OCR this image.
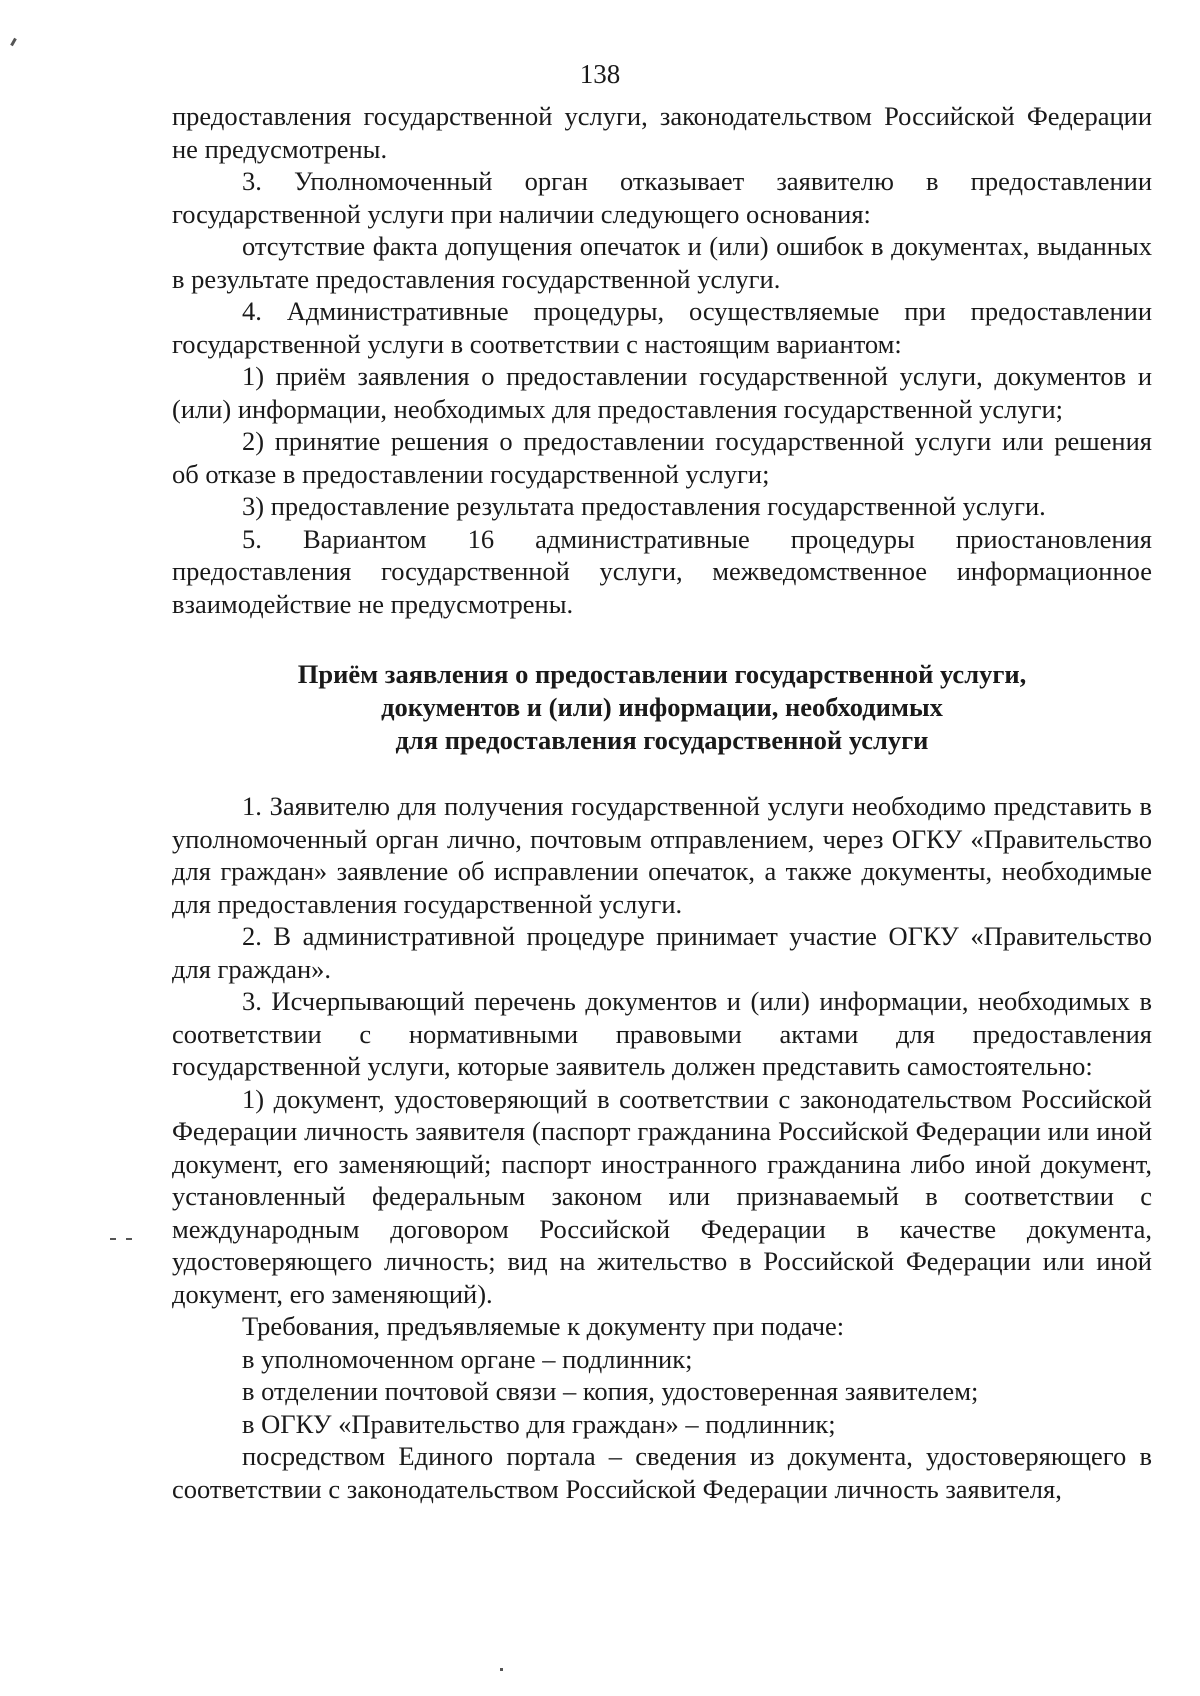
138

предоставления государственной услуги, законодательством Российской Федерации не предусмотрены.

3. Уполномоченный орган отказывает заявителю в предоставлении государственной услуги при наличии следующего основания:

отсутствие факта допущения опечаток и (или) ошибок в документах, выданных в результате предоставления государственной услуги.

4. Административные процедуры, осуществляемые при предоставлении государственной услуги в соответствии с настоящим вариантом:

1) приём заявления о предоставлении государственной услуги, документов и (или) информации, необходимых для предоставления государственной услуги;

2) принятие решения о предоставлении государственной услуги или решения об отказе в предоставлении государственной услуги;

3) предоставление результата предоставления государственной услуги.

5. Вариантом 16 административные процедуры приостановления предоставления государственной услуги, межведомственное информационное взаимодействие не предусмотрены.

Приём заявления о предоставлении государственной услуги,
документов и (или) информации, необходимых
для предоставления государственной услуги

1. Заявителю для получения государственной услуги необходимо представить в уполномоченный орган лично, почтовым отправлением, через ОГКУ «Правительство для граждан» заявление об исправлении опечаток, а также документы, необходимые для предоставления государственной услуги.

2. В административной процедуре принимает участие ОГКУ «Правительство для граждан».

3. Исчерпывающий перечень документов и (или) информации, необходимых в соответствии с нормативными правовыми актами для предоставления государственной услуги, которые заявитель должен представить самостоятельно:

1) документ, удостоверяющий в соответствии с законодательством Российской Федерации личность заявителя (паспорт гражданина Российской Федерации или иной документ, его заменяющий; паспорт иностранного гражданина либо иной документ, установленный федеральным законом или признаваемый в соответствии с международным договором Российской Федерации в качестве документа, удостоверяющего личность; вид на жительство в Российской Федерации или иной документ, его заменяющий).

Требования, предъявляемые к документу при подаче:

в уполномоченном органе – подлинник;

в отделении почтовой связи – копия, удостоверенная заявителем;

в ОГКУ «Правительство для граждан» – подлинник;

посредством Единого портала – сведения из документа, удостоверяющего в соответствии с законодательством Российской Федерации личность заявителя,
